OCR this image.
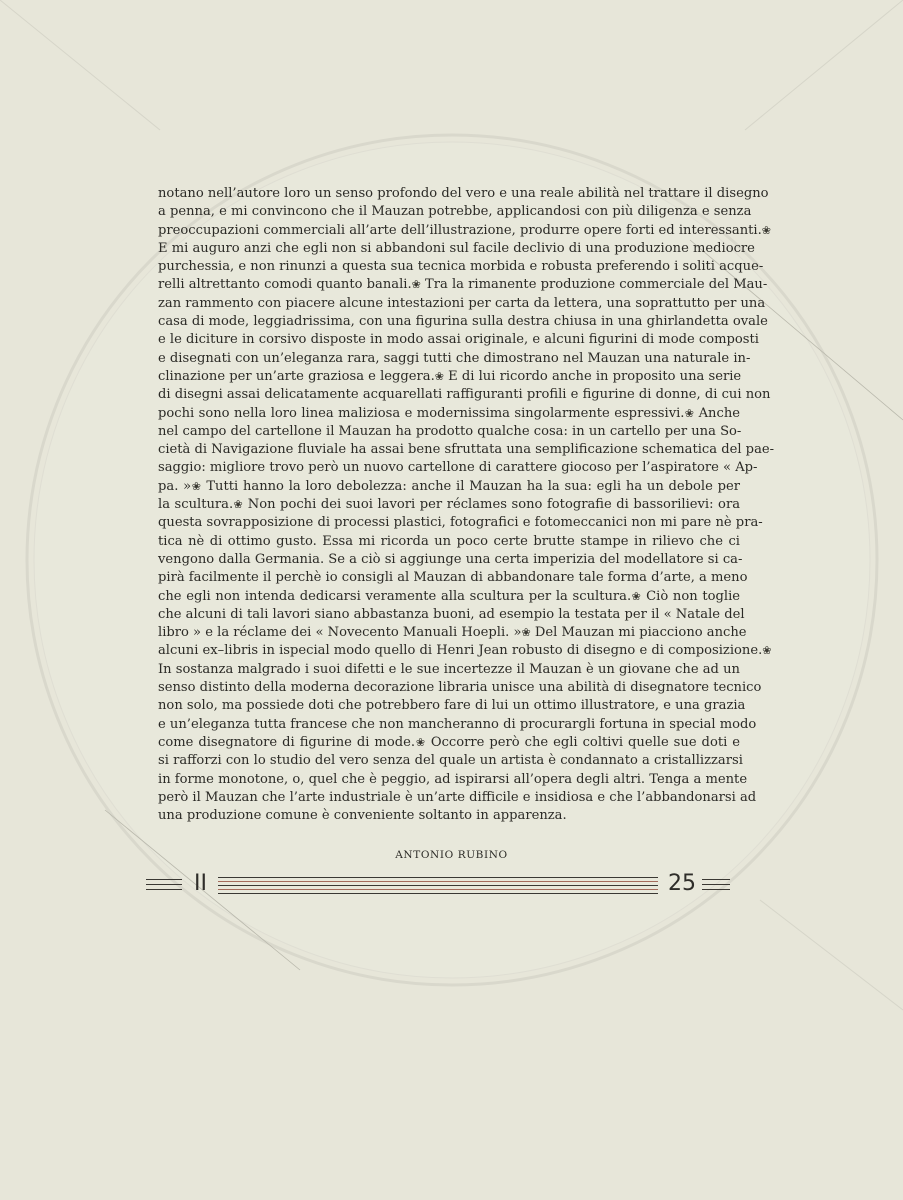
notano nell’autore loro un senso profondo del vero e una reale abilità nel trattare il disegno
a penna, e mi convincono che il Mauzan potrebbe, applicandosi con più diligenza e senza
preoccupazioni commerciali all’arte dell’illustrazione, produrre opere forti ed interessanti.❀
E mi auguro anzi che egli non si abbandoni sul facile declivio di una produzione mediocre
purchessia, e non rinunzi a questa sua tecnica morbida e robusta preferendo i soliti acque-
relli altrettanto comodi quanto banali.❀ Tra la rimanente produzione commerciale del Mau-
zan rammento con piacere alcune intestazioni per carta da lettera, una soprattutto per una
casa di mode, leggiadrissima, con una figurina sulla destra chiusa in una ghirlandetta ovale
e le diciture in corsivo disposte in modo assai originale, e alcuni figurini di mode composti
e disegnati con un’eleganza rara, saggi tutti che dimostrano nel Mauzan una naturale in-
clinazione per un’arte graziosa e leggera.❀ E di lui ricordo anche in proposito una serie
di disegni assai delicatamente acquarellati raffiguranti profili e figurine di donne, di cui non
pochi sono nella loro linea maliziosa e modernissima singolarmente espressivi.❀ Anche
nel campo del cartellone il Mauzan ha prodotto qualche cosa: in un cartello per una So-
cietà di Navigazione fluviale ha assai bene sfruttata una semplificazione schematica del pae-
saggio: migliore trovo però un nuovo cartellone di carattere giocoso per l’aspiratore « Ap-
pa. »❀ Tutti hanno la loro debolezza: anche il Mauzan ha la sua: egli ha un debole per
la scultura.❀ Non pochi dei suoi lavori per réclames sono fotografie di bassorilievi: ora
questa sovrapposizione di processi plastici, fotografici e fotomeccanici non mi pare nè pra-
tica nè di ottimo gusto. Essa mi ricorda un poco certe brutte stampe in rilievo che ci
vengono dalla Germania. Se a ciò si aggiunge una certa imperizia del modellatore si ca-
pirà facilmente il perchè io consigli al Mauzan di abbandonare tale forma d’arte, a meno
che egli non intenda dedicarsi veramente alla scultura per la scultura.❀ Ciò non toglie
che alcuni di tali lavori siano abbastanza buoni, ad esempio la testata per il « Natale del
libro » e la réclame dei « Novecento Manuali Hoepli. »❀ Del Mauzan mi piacciono anche
alcuni ex–libris in ispecial modo quello di Henri Jean robusto di disegno e di composizione.❀
In sostanza malgrado i suoi difetti e le sue incertezze il Mauzan è un giovane che ad un
senso distinto della moderna decorazione libraria unisce una abilità di disegnatore tecnico
non solo, ma possiede doti che potrebbero fare di lui un ottimo illustratore, e una grazia
e un’eleganza tutta francese che non mancheranno di procurargli fortuna in special modo
come disegnatore di figurine di mode.❀ Occorre però che egli coltivi quelle sue doti e
si rafforzi con lo studio del vero senza del quale un artista è condannato a cristallizzarsi
in forme monotone, o, quel che è peggio, ad ispirarsi all’opera degli altri. Tenga a mente
però il Mauzan che l’arte industriale è un’arte difficile e insidiosa e che l’abbandonarsi ad
una produzione comune è conveniente soltanto in apparenza.
ANTONIO RUBINO
II	25
